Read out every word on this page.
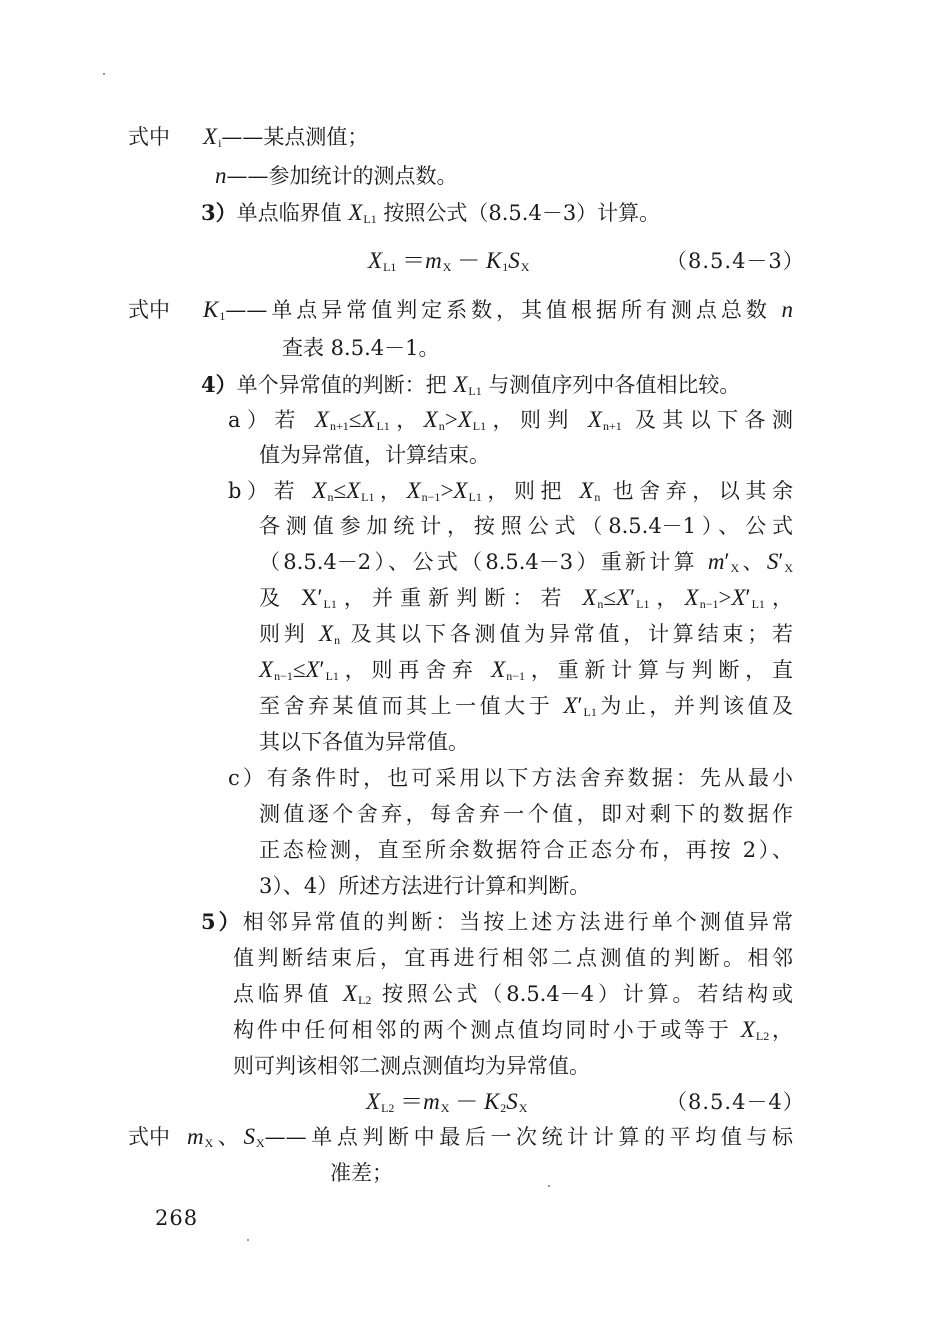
式中 $X_i——$某点测值；
n——参加统计的测点数。
3）单点临界值 $X_{L1}$ 按照公式（8.5.4－3）计算。
$X_{L1} =m_X - K_1S_X$	（8.5.4－3）
式中 $K_1——$单点异常值判定系数，其值根据所有测点总数 n
查表 8.5.4－1。
4）单个异常值的判断：把 $X_{L1}$ 与测值序列中各值相比较。
a）若 $X_{n+1}\le X_{L1}$，$X_n>X_{L1}$，则判 $X_{n+1}$ 及其以下各测
值为异常值，计算结束。
b）若 $X_n\le X_{L1}$，$X_{n-1}>X_{L1}$，则把 $X_n$ 也舍弃，以其余
各测值参加统计，按照公式（8.5.4－1）、公式
（8.5.4－2）、公式（8.5.4－3）重新计算 $m'_X$、$S'_X$
及 $X'_{L1}$，并重新判断：若 $X_n\le X'_{L1}$，$X_{n-1}>X'_{L1}$，
则判 $X_n$ 及其以下各测值为异常值，计算结束；若
$X_{n-1}\le X'_{L1}$，则再舍弃 $X_{n-1}$，重新计算与判断，直
至舍弃某值而其上一值大于 $X'_{L1}$为止，并判该值及
其以下各值为异常值。
c）有条件时，也可采用以下方法舍弃数据：先从最小
测值逐个舍弃，每舍弃一个值，即对剩下的数据作
正态检测，直至所余数据符合正态分布，再按 2）、
3）、4）所述方法进行计算和判断。
5）相邻异常值的判断：当按上述方法进行单个测值异常
值判断结束后，宜再进行相邻二点测值的判断。相邻
点临界值 $X_{L2}$ 按照公式（8.5.4－4）计算。若结构或
构件中任何相邻的两个测点值均同时小于或等于 $X_{L2}$，
则可判该相邻二测点测值均为异常值。
$X_{L2} =m_X - K_2S_X$	（8.5.4－4）
式中 $m_X$、$S_X——$单点判断中最后一次统计计算的平均值与标
准差；
268
